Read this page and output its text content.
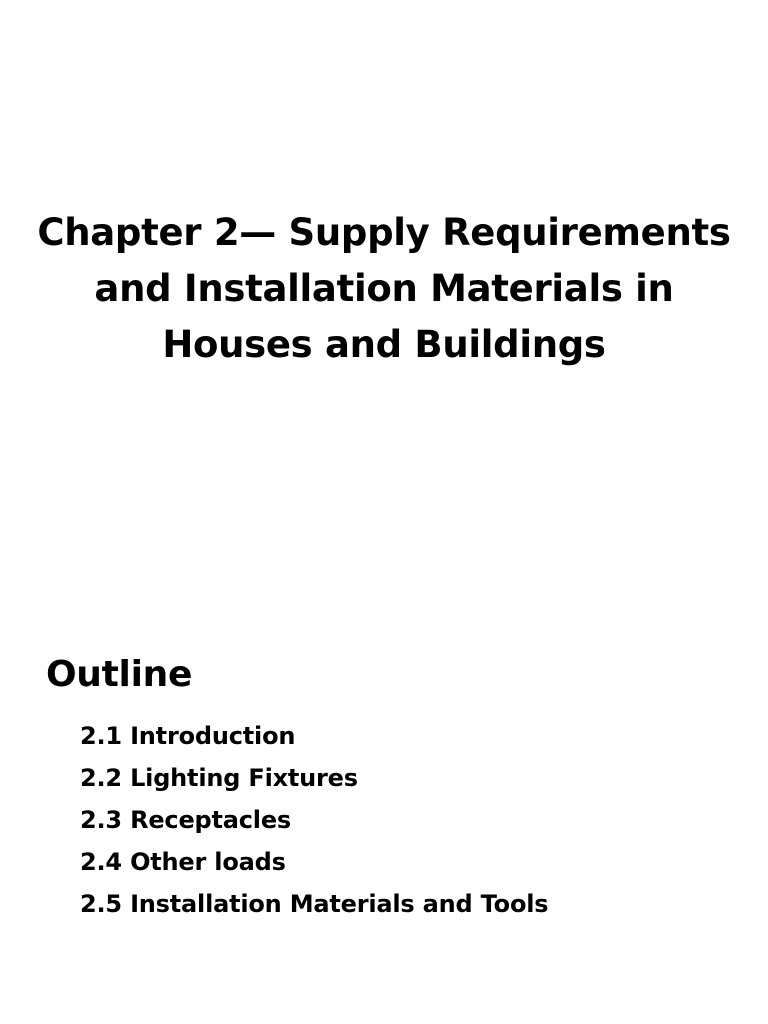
Chapter 2— Supply Requirements
and Installation Materials in
Houses and Buildings
Outline
2.1 Introduction
2.2 Lighting Fixtures
2.3 Receptacles
2.4 Other loads
2.5 Installation Materials and Tools
